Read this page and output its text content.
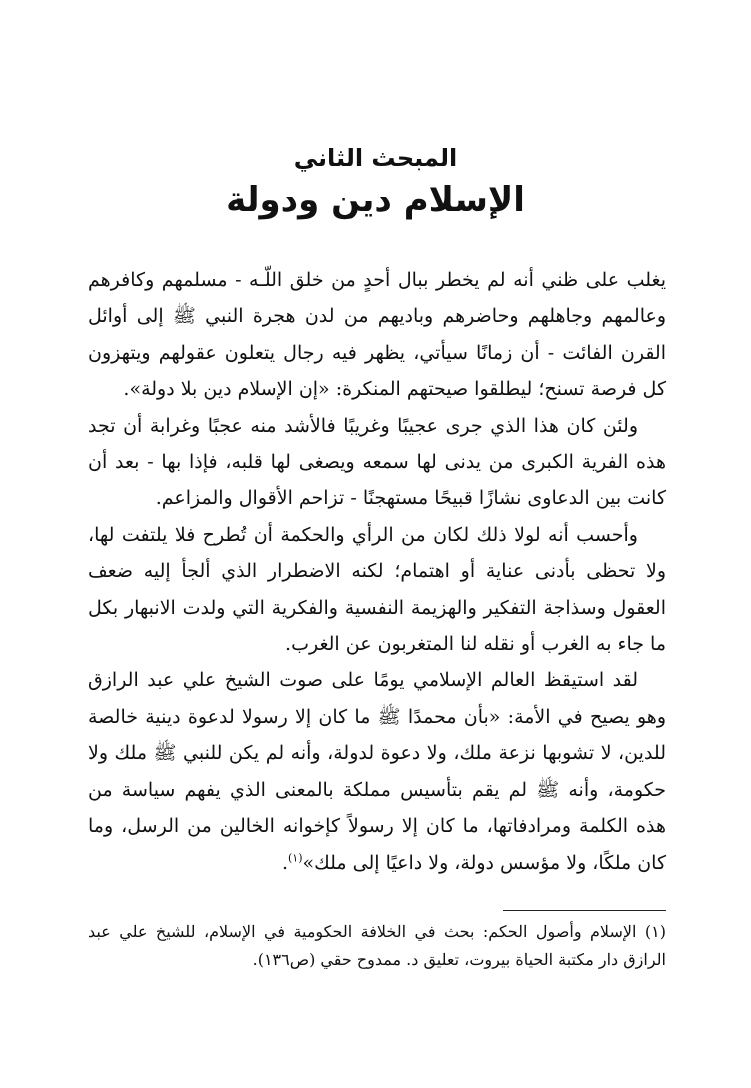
المبحث الثاني
الإسلام دين ودولة

يغلب على ظني أنه لم يخطر ببال أحدٍ من خلق اللّـه - مسلمهم وكافرهم وعالمهم وجاهلهم وحاضرهم وباديهم من لدن هجرة النبي ﷺ إلى أوائل القرن الفائت - أن زمانًا سيأتي، يظهر فيه رجال يتعلون عقولهم ويتهزون كل فرصة تسنح؛ ليطلقوا صيحتهم المنكرة: «إن الإسلام دين بلا دولة».

ولئن كان هذا الذي جرى عجيبًا وغريبًا فالأشد منه عجبًا وغرابة أن تجد هذه الفرية الكبرى من يدنى لها سمعه ويصغى لها قلبه، فإذا بها - بعد أن كانت بين الدعاوى نشازًا قبيحًا مستهجنًا - تزاحم الأقوال والمزاعم.

وأحسب أنه لولا ذلك لكان من الرأي والحكمة أن تُطرح فلا يلتفت لها، ولا تحظى بأدنى عناية أو اهتمام؛ لكنه الاضطرار الذي ألجأ إليه ضعف العقول وسذاجة التفكير والهزيمة النفسية والفكرية التي ولدت الانبهار بكل ما جاء به الغرب أو نقله لنا المتغربون عن الغرب.

لقد استيقظ العالم الإسلامي يومًا على صوت الشيخ علي عبد الرازق وهو يصيح في الأمة: «بأن محمدًا ﷺ ما كان إلا رسولا لدعوة دينية خالصة للدين، لا تشوبها نزعة ملك، ولا دعوة لدولة، وأنه لم يكن للنبي ﷺ ملك ولا حكومة، وأنه ﷺ لم يقم بتأسيس مملكة بالمعنى الذي يفهم سياسة من هذه الكلمة ومرادفاتها، ما كان إلا رسولاً كإخوانه الخالين من الرسل، وما كان ملكًا، ولا مؤسس دولة، ولا داعيًا إلى ملك»$^{(١)}$.

(١) الإسلام وأصول الحكم: بحث في الخلافة الحكومية في الإسلام، للشيخ علي عبد الرازق دار مكتبة الحياة بيروت، تعليق د. ممدوح حقي (ص١٣٦).
